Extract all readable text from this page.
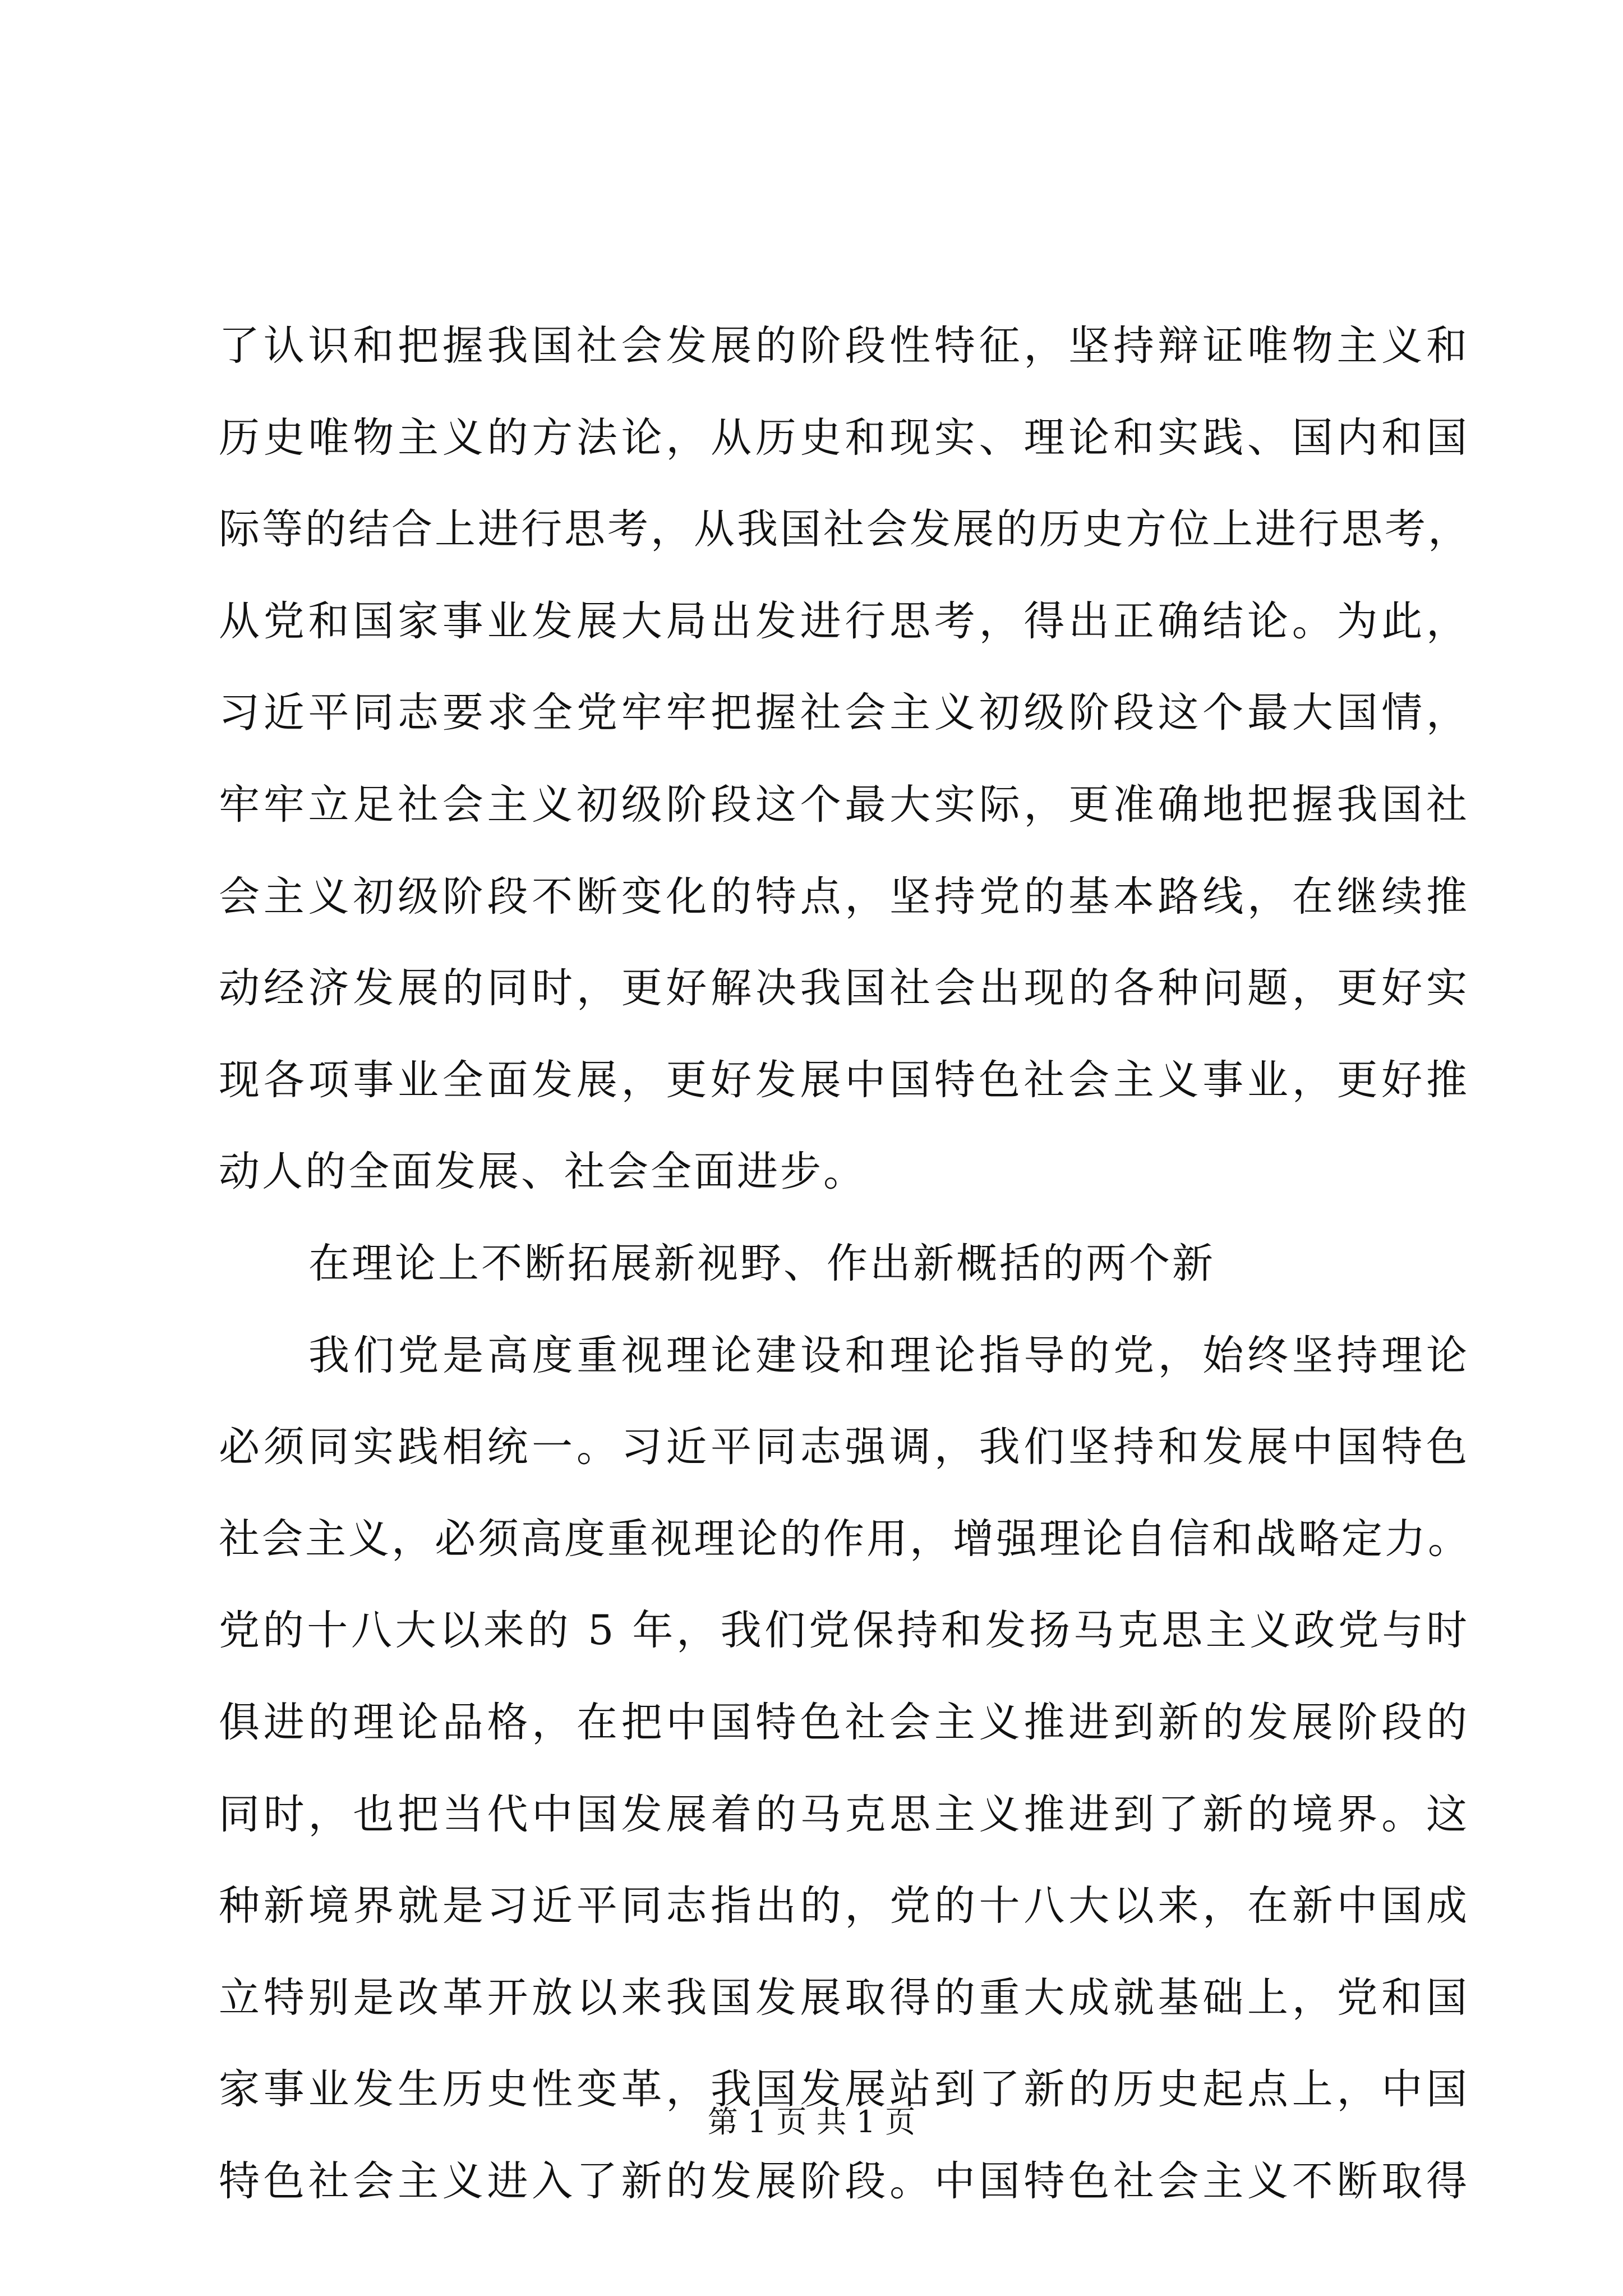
了认识和把握我国社会发展的阶段性特征，坚持辩证唯物主义和
历史唯物主义的方法论，从历史和现实、理论和实践、国内和国
际等的结合上进行思考，从我国社会发展的历史方位上进行思考，
从党和国家事业发展大局出发进行思考，得出正确结论。为此，
习近平同志要求全党牢牢把握社会主义初级阶段这个最大国情，
牢牢立足社会主义初级阶段这个最大实际，更准确地把握我国社
会主义初级阶段不断变化的特点，坚持党的基本路线，在继续推
动经济发展的同时，更好解决我国社会出现的各种问题，更好实
现各项事业全面发展，更好发展中国特色社会主义事业，更好推
动人的全面发展、社会全面进步。
在理论上不断拓展新视野、作出新概括的两个新
我们党是高度重视理论建设和理论指导的党，始终坚持理论
必须同实践相统一。习近平同志强调，我们坚持和发展中国特色
社会主义，必须高度重视理论的作用，增强理论自信和战略定力。
党的十八大以来的 5 年，我们党保持和发扬马克思主义政党与时
俱进的理论品格，在把中国特色社会主义推进到新的发展阶段的
同时，也把当代中国发展着的马克思主义推进到了新的境界。这
种新境界就是习近平同志指出的，党的十八大以来，在新中国成
立特别是改革开放以来我国发展取得的重大成就基础上，党和国
家事业发生历史性变革，我国发展站到了新的历史起点上，中国
特色社会主义进入了新的发展阶段。中国特色社会主义不断取得
第 1 页 共 1 页
